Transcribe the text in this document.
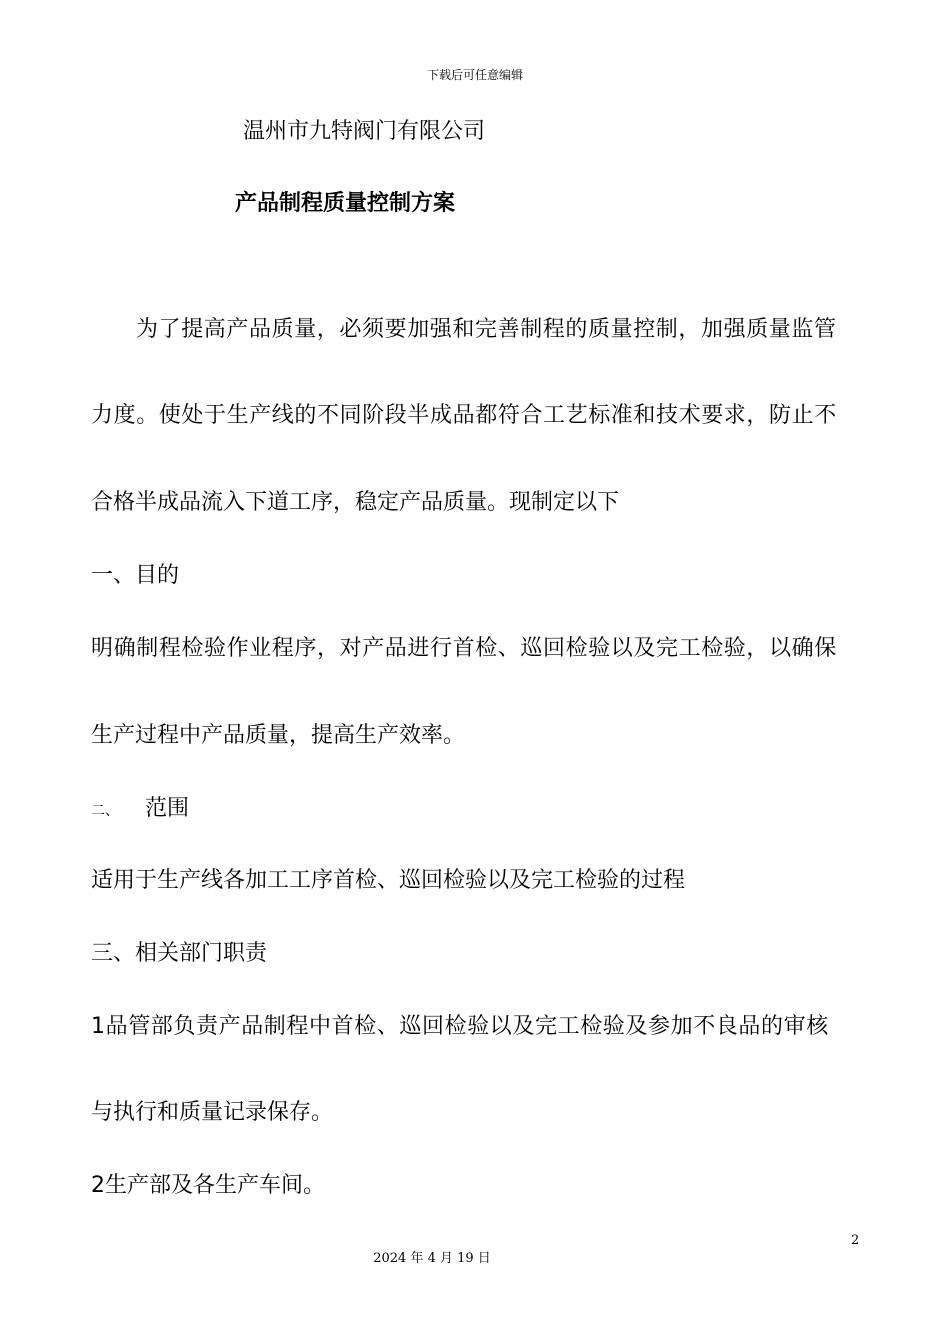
下载后可任意编辑
温州市九特阀门有限公司
产品制程质量控制方案
为了提高产品质量，必须要加强和完善制程的质量控制，加强质量监管
力度。使处于生产线的不同阶段半成品都符合工艺标准和技术要求，防止不
合格半成品流入下道工序，稳定产品质量。现制定以下
一、目的
明确制程检验作业程序，对产品进行首检、巡回检验以及完工检验，以确保
生产过程中产品质量，提高生产效率。
二、 范围
适用于生产线各加工工序首检、巡回检验以及完工检验的过程
三、相关部门职责
1品管部负责产品制程中首检、巡回检验以及完工检验及参加不良品的审核
与执行和质量记录保存。
2生产部及各生产车间。
2
2024 年 4 月 19 日
